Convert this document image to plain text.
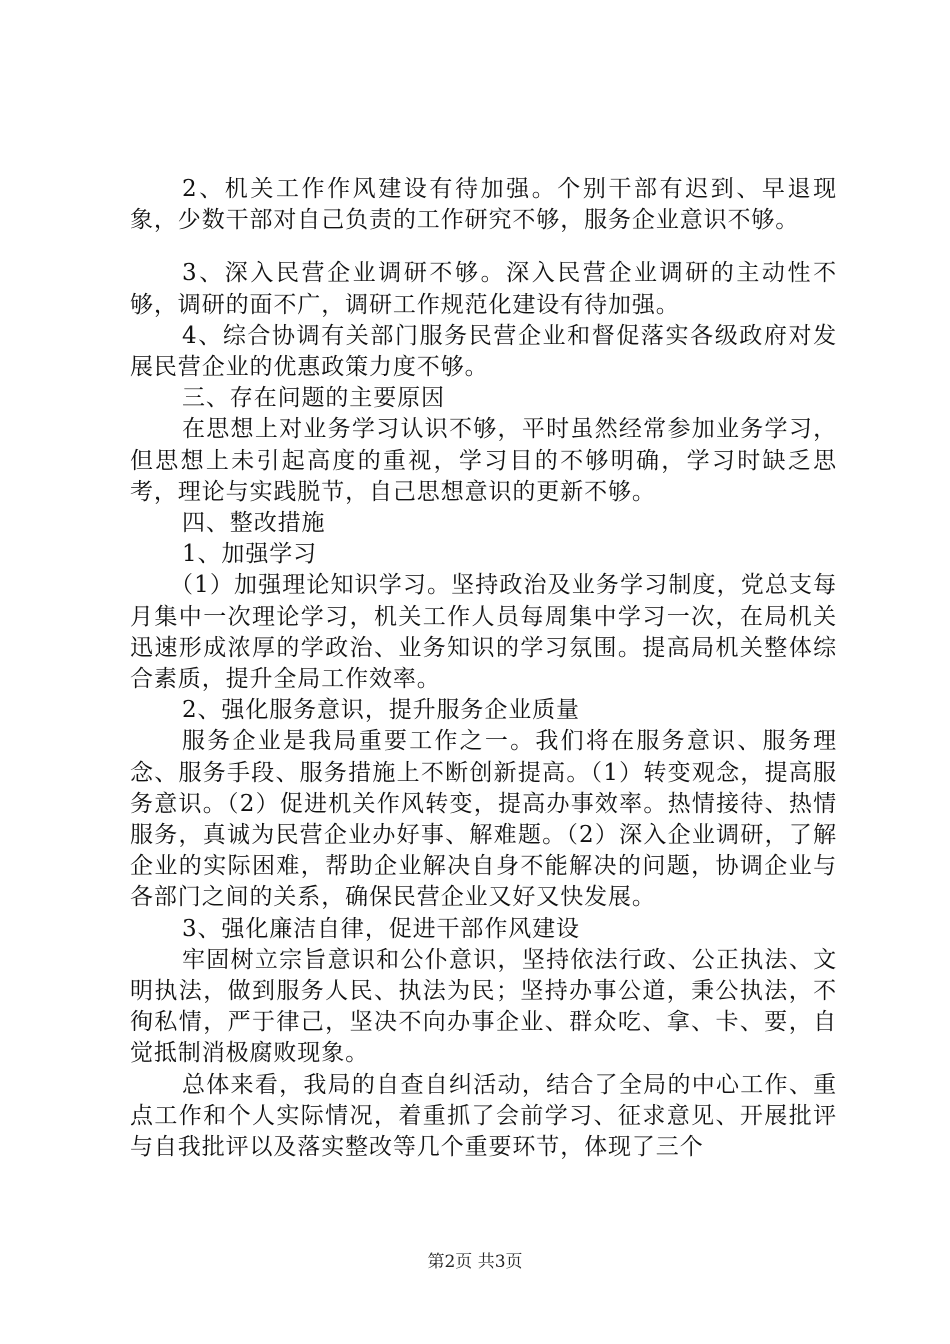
2、机关工作作风建设有待加强。个别干部有迟到、早退现象，少数干部对自己负责的工作研究不够，服务企业意识不够。

3、深入民营企业调研不够。深入民营企业调研的主动性不够，调研的面不广，调研工作规范化建设有待加强。

4、综合协调有关部门服务民营企业和督促落实各级政府对发展民营企业的优惠政策力度不够。

三、存在问题的主要原因

在思想上对业务学习认识不够，平时虽然经常参加业务学习，但思想上未引起高度的重视，学习目的不够明确，学习时缺乏思考，理论与实践脱节，自己思想意识的更新不够。

四、整改措施

1、加强学习

（1）加强理论知识学习。坚持政治及业务学习制度，党总支每月集中一次理论学习，机关工作人员每周集中学习一次，在局机关迅速形成浓厚的学政治、业务知识的学习氛围。提高局机关整体综合素质，提升全局工作效率。

2、强化服务意识，提升服务企业质量

服务企业是我局重要工作之一。我们将在服务意识、服务理念、服务手段、服务措施上不断创新提高。（1）转变观念，提高服务意识。（2）促进机关作风转变，提高办事效率。热情接待、热情服务，真诚为民营企业办好事、解难题。（2）深入企业调研，了解企业的实际困难，帮助企业解决自身不能解决的问题，协调企业与各部门之间的关系，确保民营企业又好又快发展。

3、强化廉洁自律，促进干部作风建设

牢固树立宗旨意识和公仆意识，坚持依法行政、公正执法、文明执法，做到服务人民、执法为民；坚持办事公道，秉公执法，不徇私情，严于律己，坚决不向办事企业、群众吃、拿、卡、要，自觉抵制消极腐败现象。

总体来看，我局的自查自纠活动，结合了全局的中心工作、重点工作和个人实际情况，着重抓了会前学习、征求意见、开展批评与自我批评以及落实整改等几个重要环节，体现了三个

第2页 共3页
